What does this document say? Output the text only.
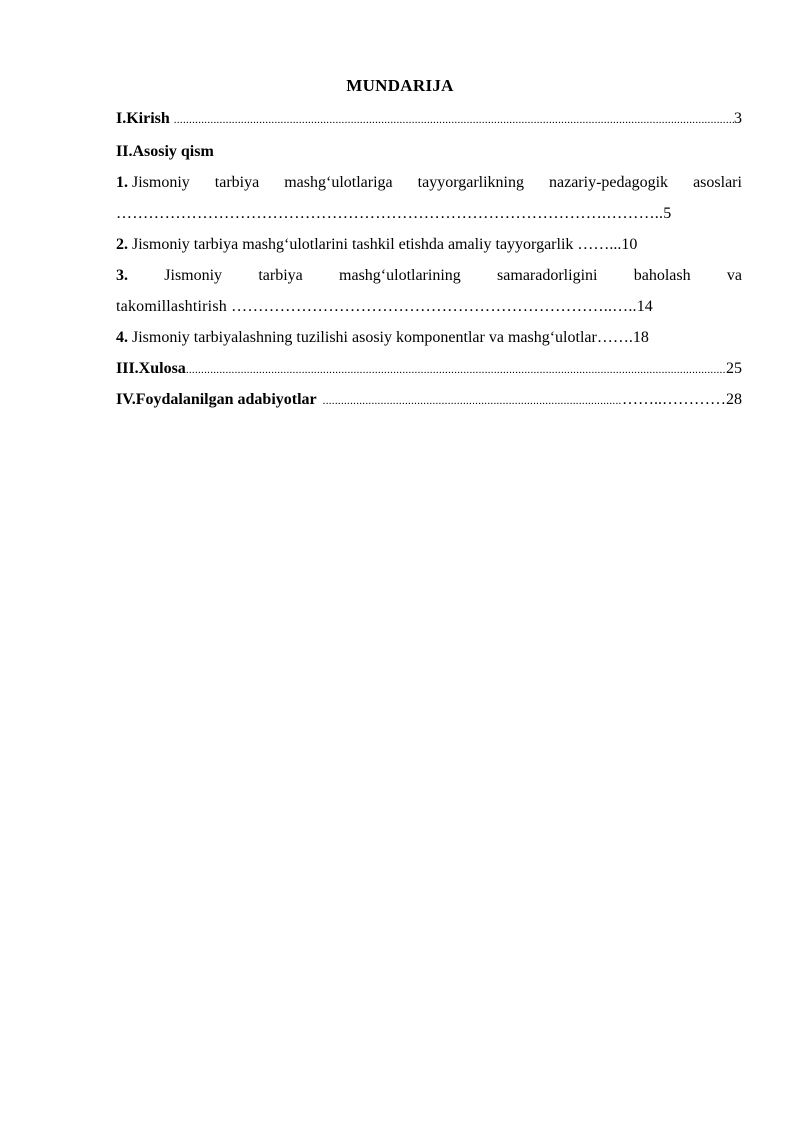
MUNDARIJA
I.Kirish .....	3
II.Asosiy qism
1. Jismoniy tarbiya mashg‘ulotlariga tayyorgarlikning nazariy-pedagogik asoslari
……………………………………………………………………………….………..5
2. Jismoniy tarbiya mashg‘ulotlarini tashkil etishda amaliy tayyorgarlik ……...10
3. Jismoniy tarbiya mashg‘ulotlarining samaradorligini baholash va
takomillashtirish ……………………………………………………………..…..14
4. Jismoniy tarbiyalashning tuzilishi asosiy komponentlar va mashg‘ulotlar…….18
III.Xulosa .....	25
IV.Foydalanilgan adabiyotlar .....	……..………… 28
